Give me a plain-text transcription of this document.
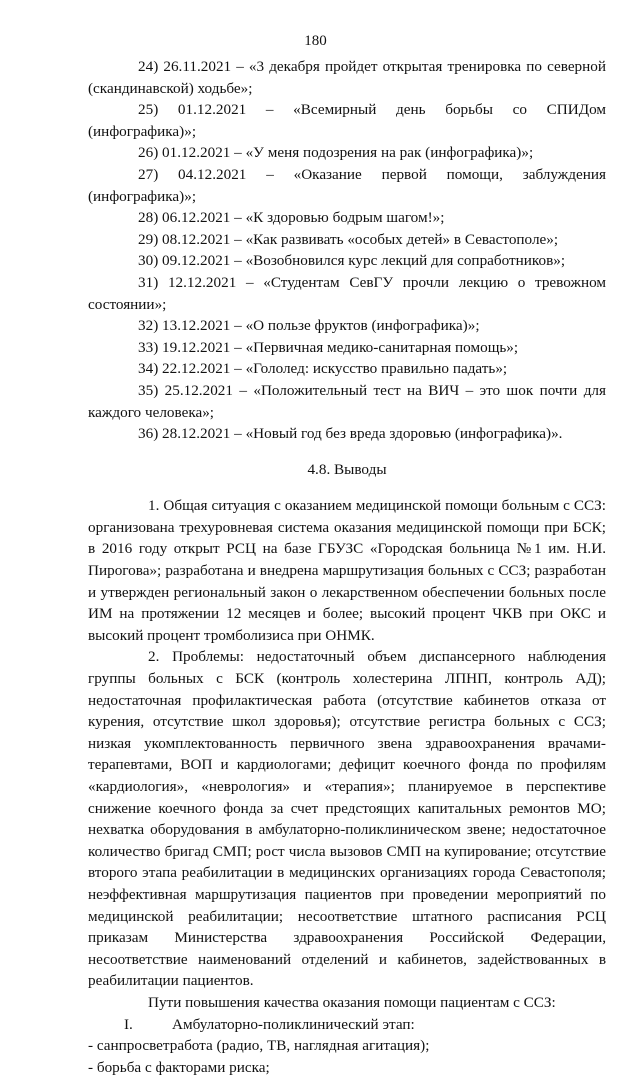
180

24) 26.11.2021 – «3 декабря пройдет открытая тренировка по северной (скандинавской) ходьбе»;

25) 01.12.2021 – «Всемирный день борьбы со СПИДом (инфографика)»;

26) 01.12.2021 – «У меня подозрения на рак (инфографика)»;

27) 04.12.2021 – «Оказание первой помощи, заблуждения (инфографика)»;

28) 06.12.2021 – «К здоровью бодрым шагом!»;

29) 08.12.2021 – «Как развивать «особых детей» в Севастополе»;

30) 09.12.2021 – «Возобновился курс лекций для сопработников»;

31) 12.12.2021 – «Студентам СевГУ прочли лекцию о тревожном состоянии»;

32) 13.12.2021 – «О пользе фруктов (инфографика)»;

33) 19.12.2021 – «Первичная медико-санитарная помощь»;

34) 22.12.2021 – «Гололед: искусство правильно падать»;

35) 25.12.2021 – «Положительный тест на ВИЧ – это шок почти для каждого человека»;

36) 28.12.2021 – «Новый год без вреда здоровью (инфографика)».

4.8. Выводы

1. Общая ситуация с оказанием медицинской помощи больным с ССЗ: организована трехуровневая система оказания медицинской помощи при БСК; в 2016 году открыт РСЦ на базе ГБУЗС «Городская больница №1 им. Н.И. Пирогова»; разработана и внедрена маршрутизация больных с ССЗ; разработан и утвержден региональный закон о лекарственном обеспечении больных после ИМ на протяжении 12 месяцев и более; высокий процент ЧКВ при ОКС и высокий процент тромболизиса при ОНМК.

2. Проблемы: недостаточный объем диспансерного наблюдения группы больных с БСК (контроль холестерина ЛПНП, контроль АД); недостаточная профилактическая работа (отсутствие кабинетов отказа от курения, отсутствие школ здоровья); отсутствие регистра больных с ССЗ; низкая укомплектованность первичного звена здравоохранения врачами-терапевтами, ВОП и кардиологами; дефицит коечного фонда по профилям «кардиология», «неврология» и «терапия»; планируемое в перспективе снижение коечного фонда за счет предстоящих капитальных ремонтов МО; нехватка оборудования в амбулаторно-поликлиническом звене; недостаточное количество бригад СМП; рост числа вызовов СМП на купирование; отсутствие второго этапа реабилитации в медицинских организациях города Севастополя; неэффективная маршрутизация пациентов при проведении мероприятий по медицинской реабилитации; несоответствие штатного расписания РСЦ приказам Министерства здравоохранения Российской Федерации, несоответствие наименований отделений и кабинетов, задействованных в реабилитации пациентов.

Пути повышения качества оказания помощи пациентам с ССЗ:

I.	Амбулаторно-поликлинический этап:

- санпросветработа (радио, ТВ, наглядная агитация);

- борьба с факторами риска;
